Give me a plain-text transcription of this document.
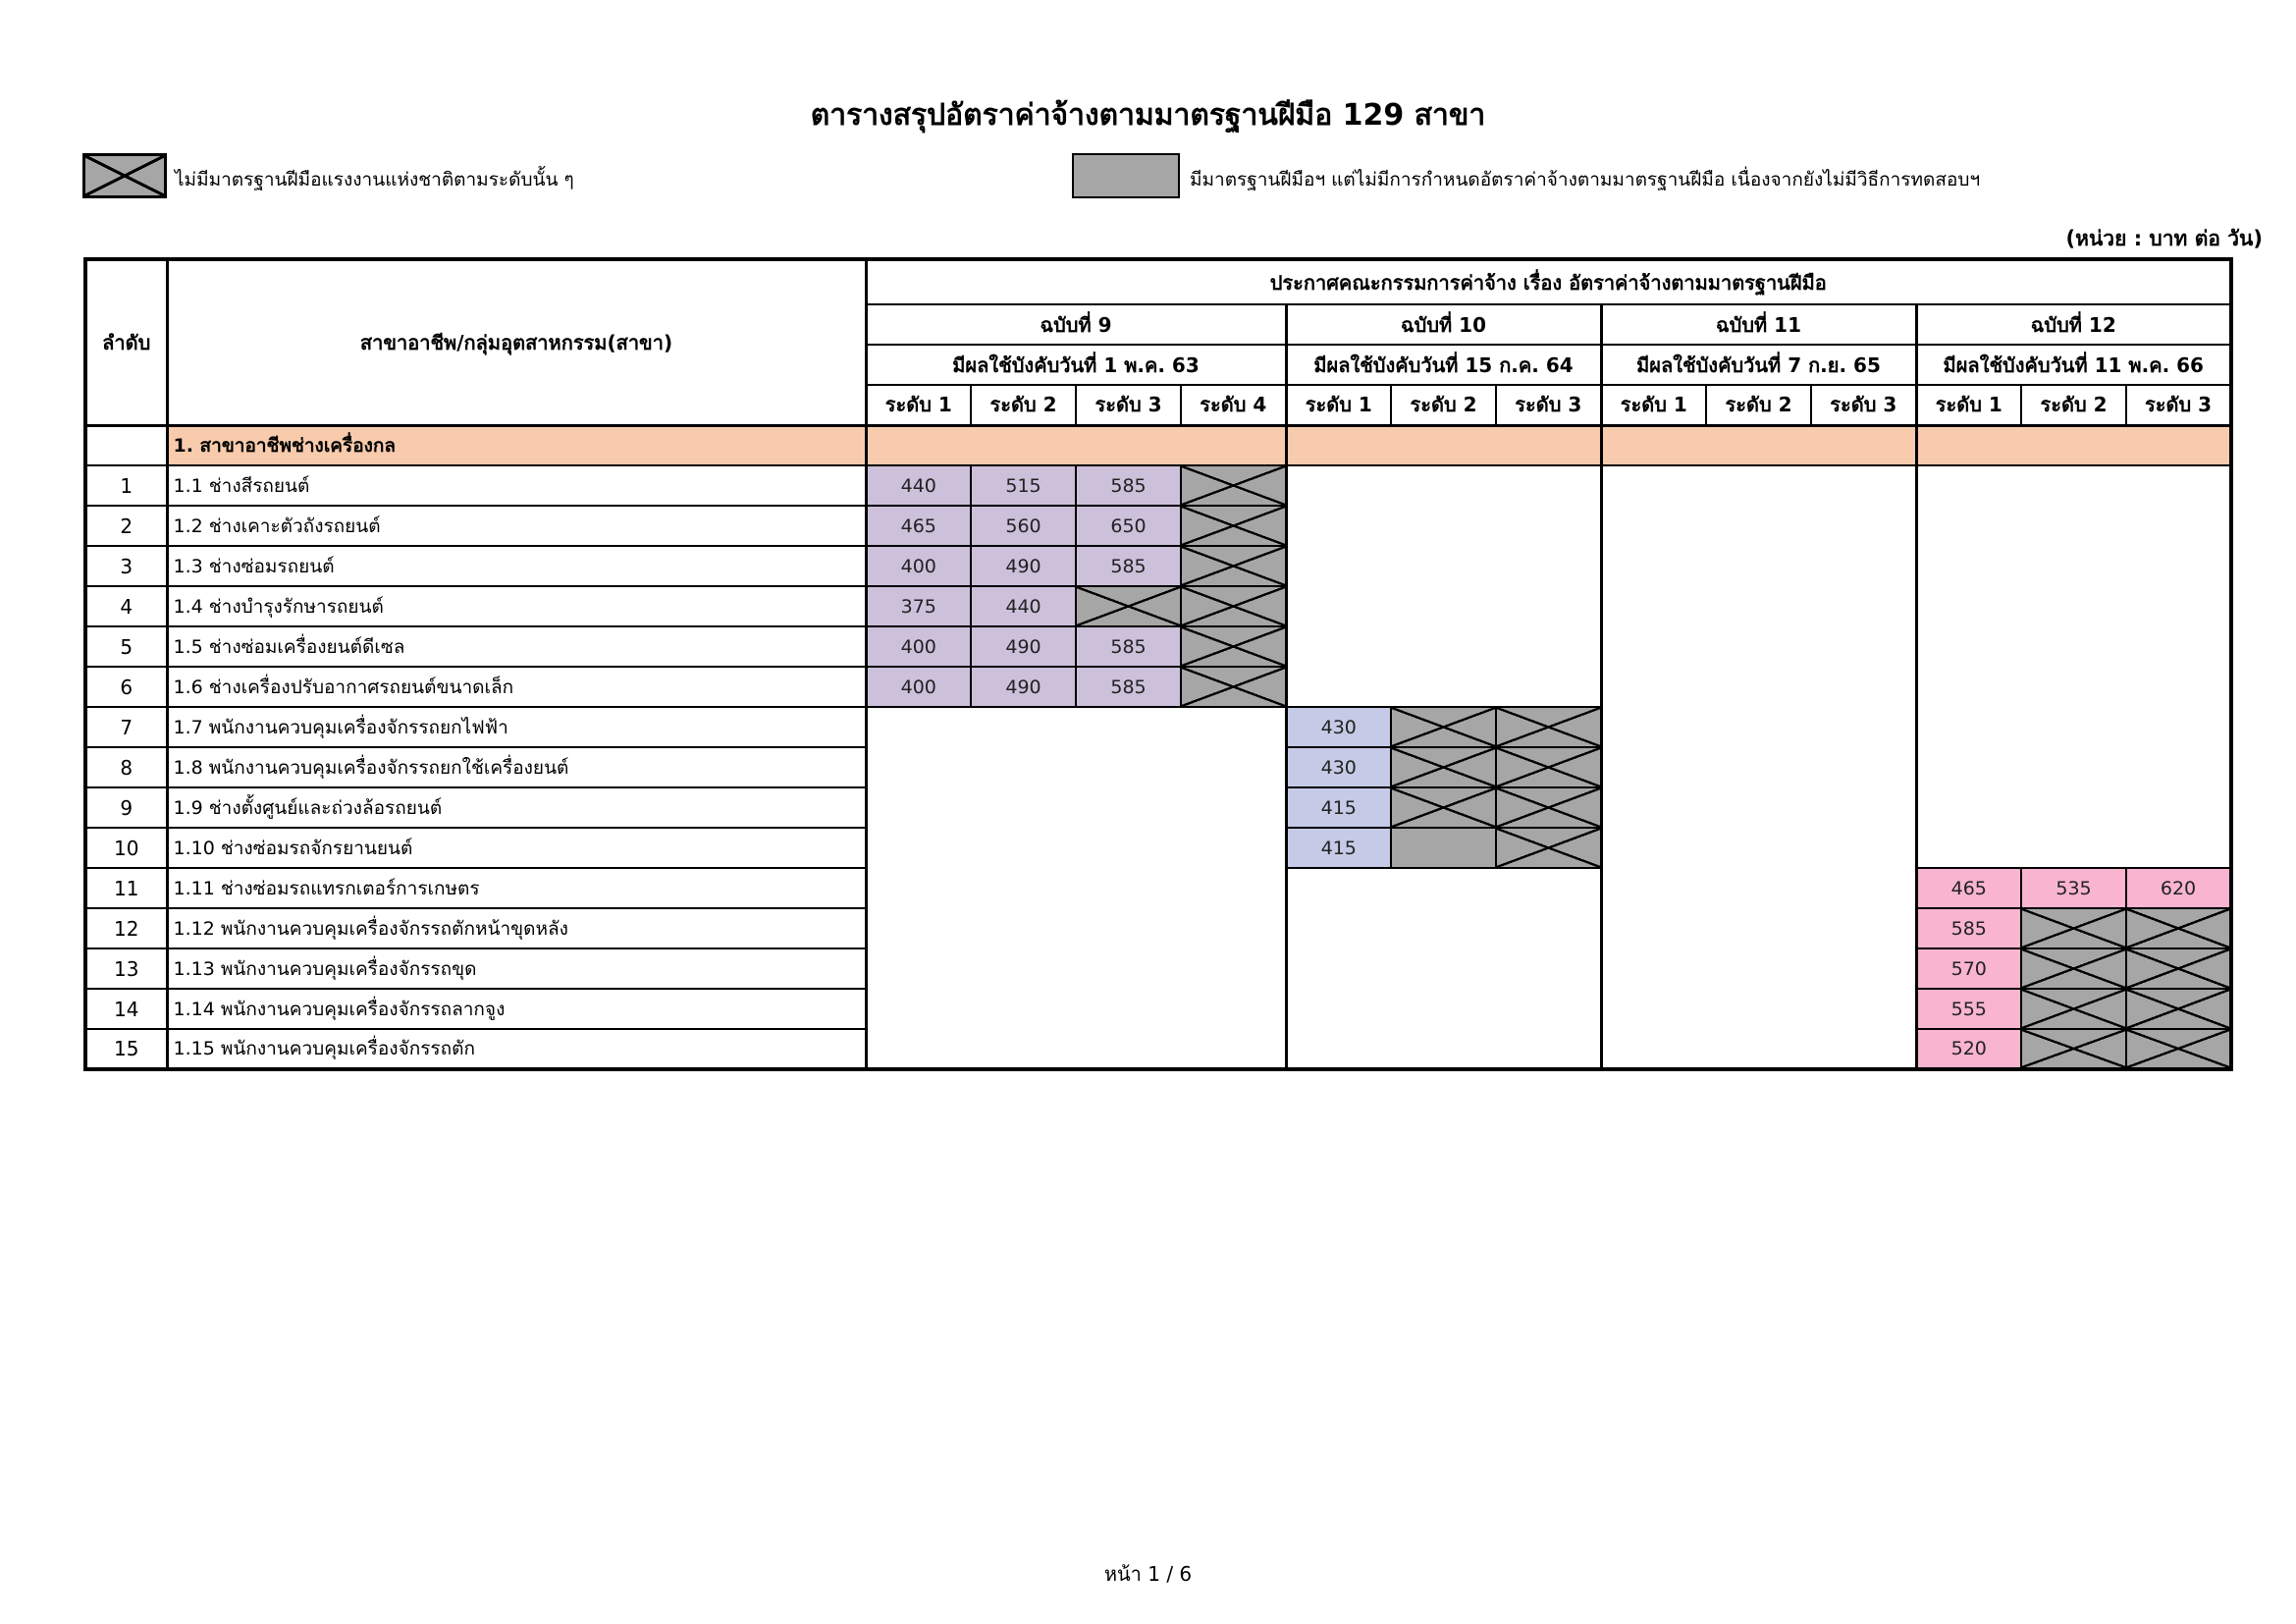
ตารางสรุปอัตราค่าจ้างตามมาตรฐานฝีมือ 129 สาขา
ไม่มีมาตรฐานฝีมือแรงงานแห่งชาติตามระดับนั้น ๆ	มีมาตรฐานฝีมือฯ แต่ไม่มีการกำหนดอัตราค่าจ้างตามมาตรฐานฝีมือ เนื่องจากยังไม่มีวิธีการทดสอบฯ
(หน่วย : บาท ต่อ วัน)
ลำดับ	สาขาอาชีพ/กลุ่มอุตสาหกรรม(สาขา)	ประกาศคณะกรรมการค่าจ้าง เรื่อง อัตราค่าจ้างตามมาตรฐานฝีมือ												
		ฉบับที่ 9				ฉบับที่ 10			ฉบับที่ 11			ฉบับที่ 12		
		มีผลใช้บังคับวันที่ 1 พ.ค. 63				มีผลใช้บังคับวันที่ 15 ก.ค. 64			มีผลใช้บังคับวันที่ 7 ก.ย. 65			มีผลใช้บังคับวันที่ 11 พ.ค. 66		
		ระดับ 1	ระดับ 2	ระดับ 3	ระดับ 4	ระดับ 1	ระดับ 2	ระดับ 3	ระดับ 1	ระดับ 2	ระดับ 3	ระดับ 1	ระดับ 2	ระดับ 3
	1. สาขาอาชีพช่างเครื่องกล													
1	1.1 ช่างสีรถยนต์	440	515	585										
2	1.2 ช่างเคาะตัวถังรถยนต์	465	560	650										
3	1.3 ช่างซ่อมรถยนต์	400	490	585										
4	1.4 ช่างบำรุงรักษารถยนต์	375	440											
5	1.5 ช่างซ่อมเครื่องยนต์ดีเซล	400	490	585										
6	1.6 ช่างเครื่องปรับอากาศรถยนต์ขนาดเล็ก	400	490	585										
7	1.7 พนักงานควบคุมเครื่องจักรรถยกไฟฟ้า					430								
8	1.8 พนักงานควบคุมเครื่องจักรรถยกใช้เครื่องยนต์					430								
9	1.9 ช่างตั้งศูนย์และถ่วงล้อรถยนต์					415								
10	1.10 ช่างซ่อมรถจักรยานยนต์					415								
11	1.11 ช่างซ่อมรถแทรกเตอร์การเกษตร											465	535	620
12	1.12 พนักงานควบคุมเครื่องจักรรถตักหน้าขุดหลัง											585		
13	1.13 พนักงานควบคุมเครื่องจักรรถขุด											570		
14	1.14 พนักงานควบคุมเครื่องจักรรถลากจูง											555		
15	1.15 พนักงานควบคุมเครื่องจักรรถตัก											520		
หน้า 1 / 6
